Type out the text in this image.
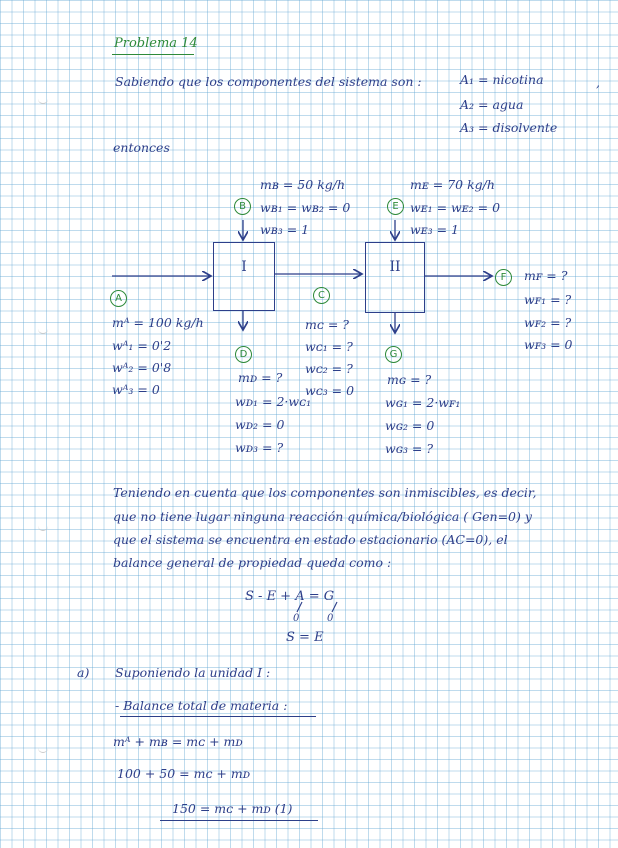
Problema 14
Sabiendo que los componentes del sistema son :	A₁ = nicotina
A₂ = agua
A₃ = disolvente
,
entonces
I	II
A
B
C
D
E
F
G
mʙ = 50 kg/h
wʙ₁ = wʙ₂ = 0
wʙ₃ = 1
mᴇ = 70 kg/h
wᴇ₁ = wᴇ₂ = 0
wᴇ₃ = 1
mᴬ = 100 kg/h
wᴬ₁ = 0'2
wᴬ₂ = 0'8
wᴬ₃ = 0
mᴄ = ?
wᴄ₁ = ?
wᴄ₂ = ?
wᴄ₃ = 0
mᴅ = ?
wᴅ₁ = 2·wᴄ₁
wᴅ₂ = 0
wᴅ₃ = ?
mɢ = ?
wɢ₁ = 2·wꜰ₁
wɢ₂ = 0
wɢ₃ = ?
mꜰ = ?
wꜰ₁ = ?
wꜰ₂ = ?
wꜰ₃ = 0
Teniendo en cuenta que los componentes son inmiscibles, es decir,
que no tiene lugar ninguna reacción química/biológica ( Gen=0) y
que el sistema se encuentra en estado estacionario (AC=0), el
balance general de propiedad queda como :
S - E + A = G
0	0
S = E
a) Suponiendo la unidad I :
- Balance total de materia :
mᴬ + mʙ = mᴄ + mᴅ
100 + 50 = mᴄ + mᴅ
150 = mᴄ + mᴅ (1)
